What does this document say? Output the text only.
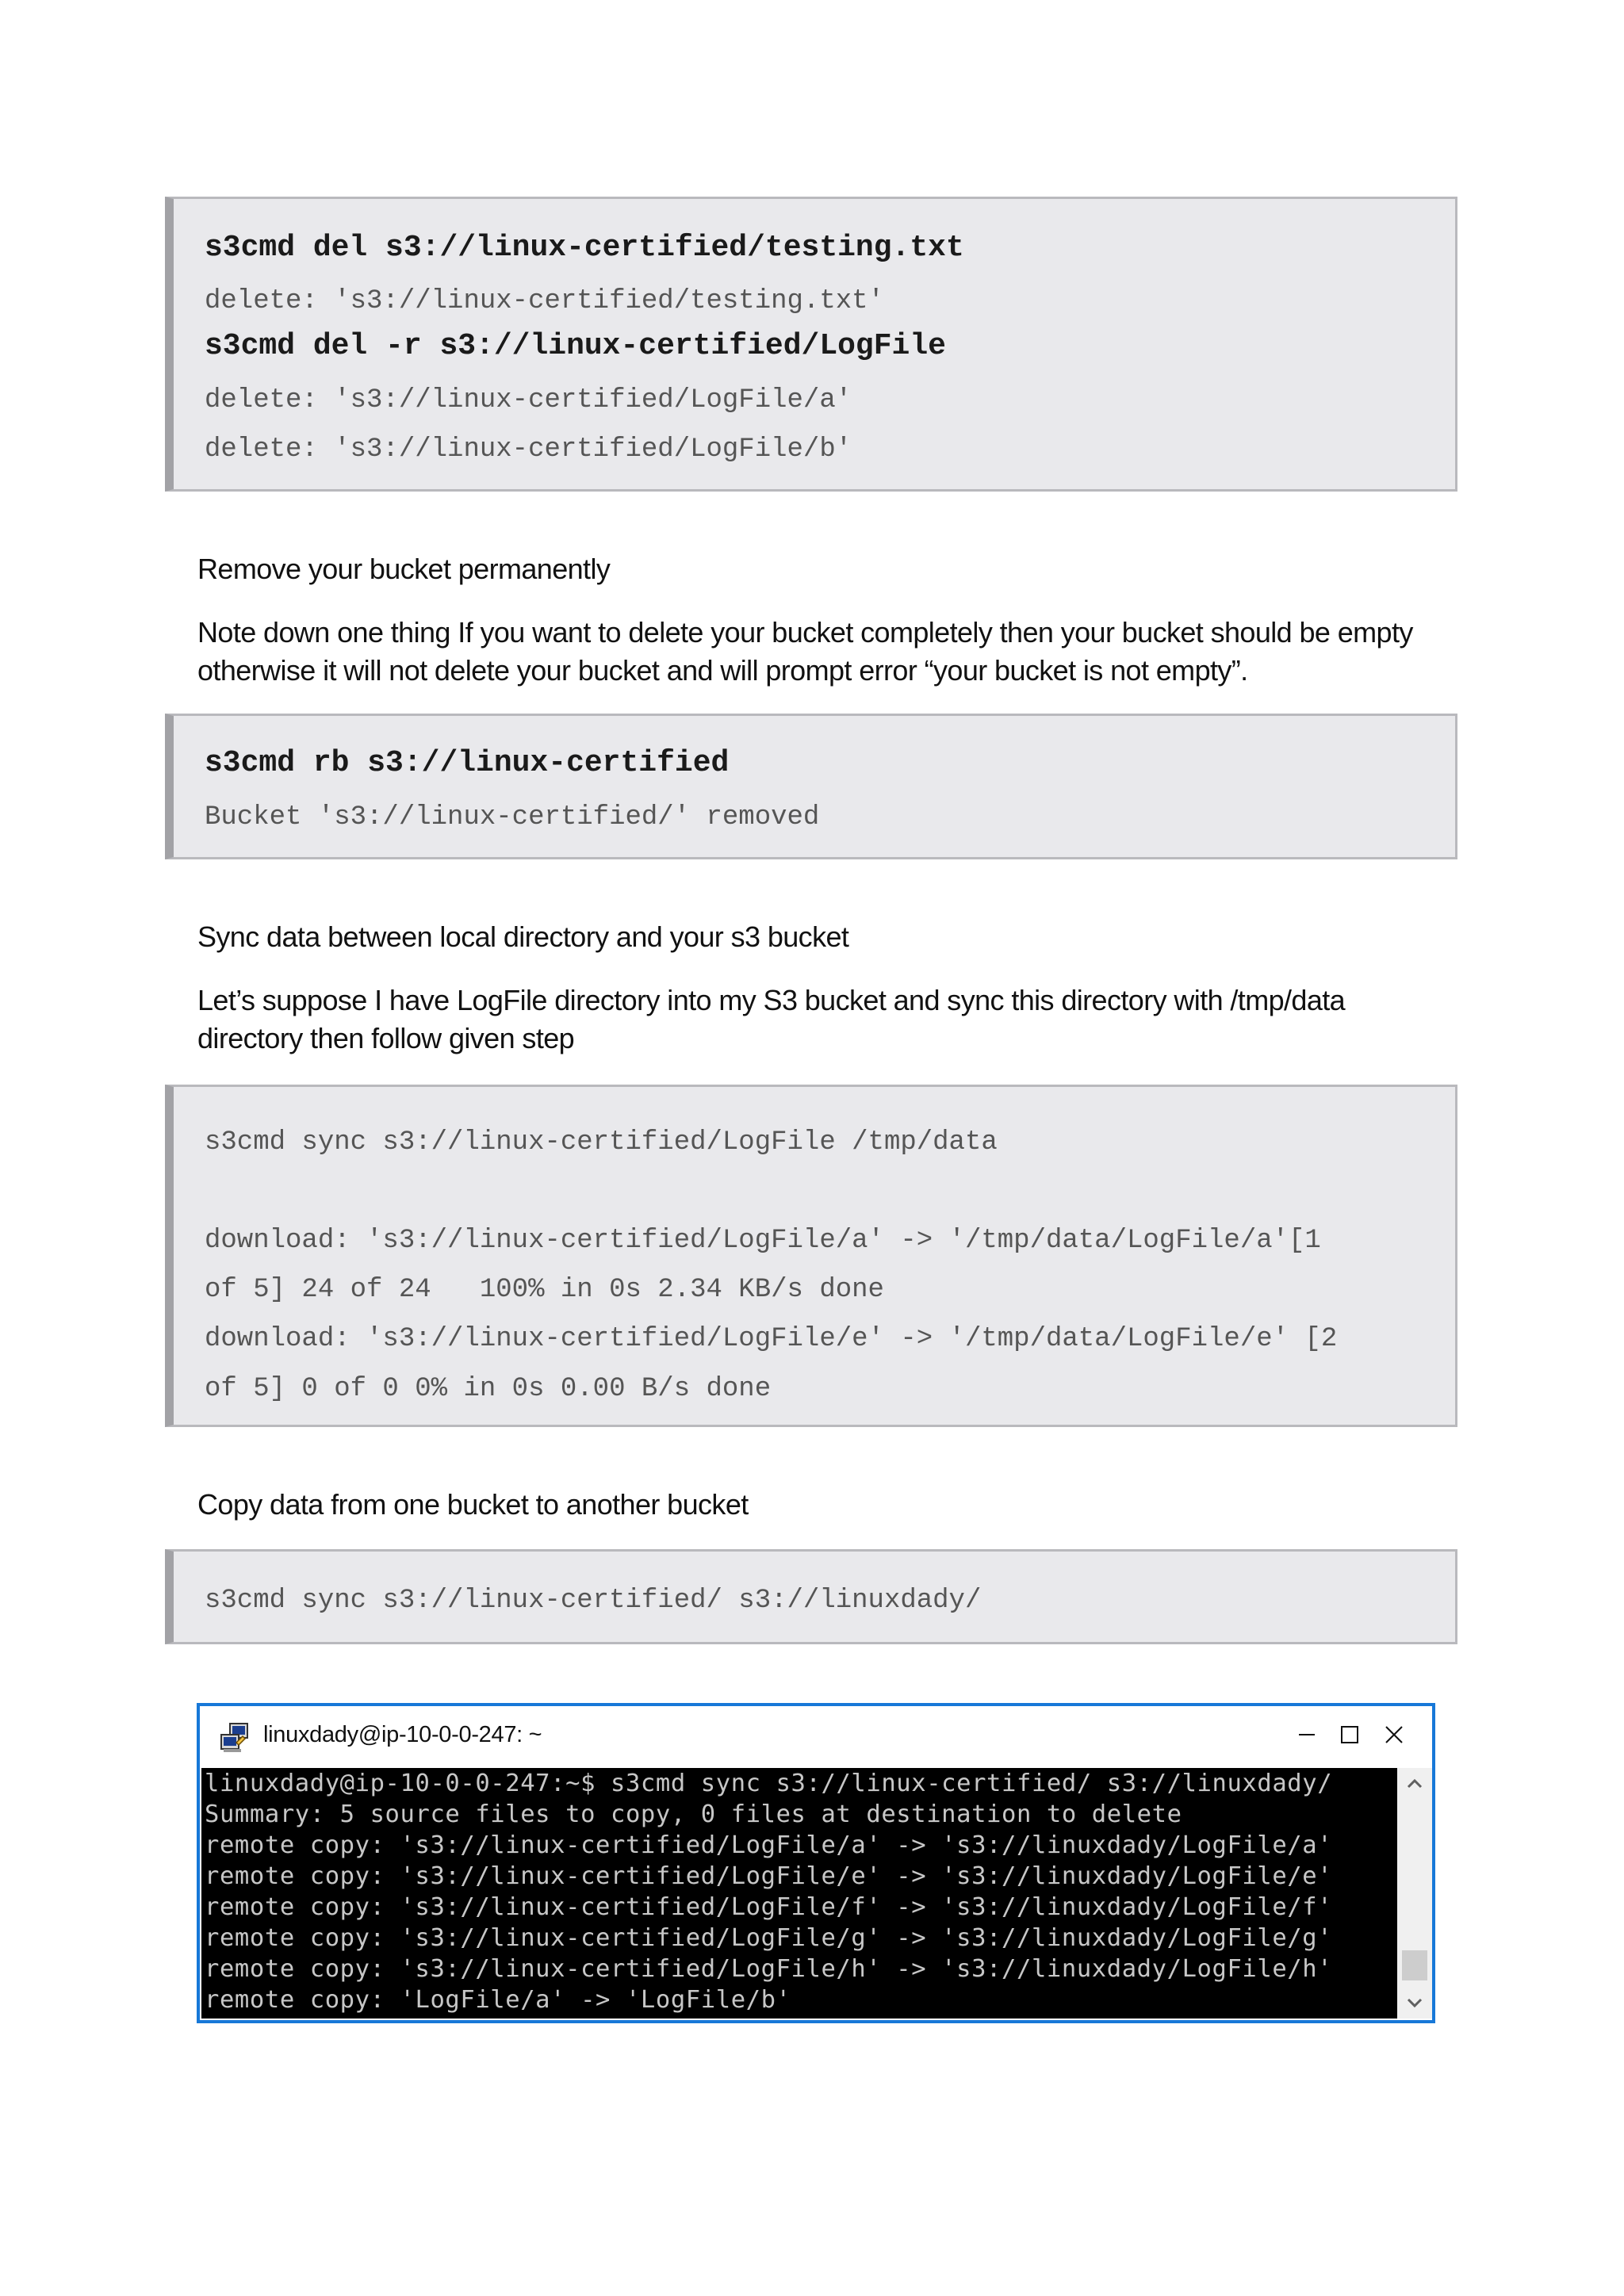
s3cmd del s3://linux-certified/testing.txt
delete: 's3://linux-certified/testing.txt'
s3cmd del -r s3://linux-certified/LogFile
delete: 's3://linux-certified/LogFile/a'
delete: 's3://linux-certified/LogFile/b'
Remove your bucket permanently
Note down one thing If you want to delete your bucket completely then your bucket should be empty otherwise it will not delete your bucket and will prompt error “your bucket is not empty”.
s3cmd rb s3://linux-certified
Bucket 's3://linux-certified/' removed
Sync data between local directory and your s3 bucket
Let’s suppose I have LogFile directory into my S3 bucket and sync this directory with /tmp/data directory then follow given step
s3cmd sync s3://linux-certified/LogFile /tmp/data
download: 's3://linux-certified/LogFile/a' -> '/tmp/data/LogFile/a'[1
of 5] 24 of 24   100% in 0s 2.34 KB/s done
download: 's3://linux-certified/LogFile/e' -> '/tmp/data/LogFile/e' [2
of 5] 0 of 0 0% in 0s 0.00 B/s done
Copy data from one bucket to another bucket
s3cmd sync s3://linux-certified/ s3://linuxdady/
linuxdady@ip-10-0-0-247: ~
linuxdady@ip-10-0-0-247:~$ s3cmd sync s3://linux-certified/ s3://linuxdady/
Summary: 5 source files to copy, 0 files at destination to delete
remote copy: 's3://linux-certified/LogFile/a' -> 's3://linuxdady/LogFile/a'
remote copy: 's3://linux-certified/LogFile/e' -> 's3://linuxdady/LogFile/e'
remote copy: 's3://linux-certified/LogFile/f' -> 's3://linuxdady/LogFile/f'
remote copy: 's3://linux-certified/LogFile/g' -> 's3://linuxdady/LogFile/g'
remote copy: 's3://linux-certified/LogFile/h' -> 's3://linuxdady/LogFile/h'
remote copy: 'LogFile/a' -> 'LogFile/b'
